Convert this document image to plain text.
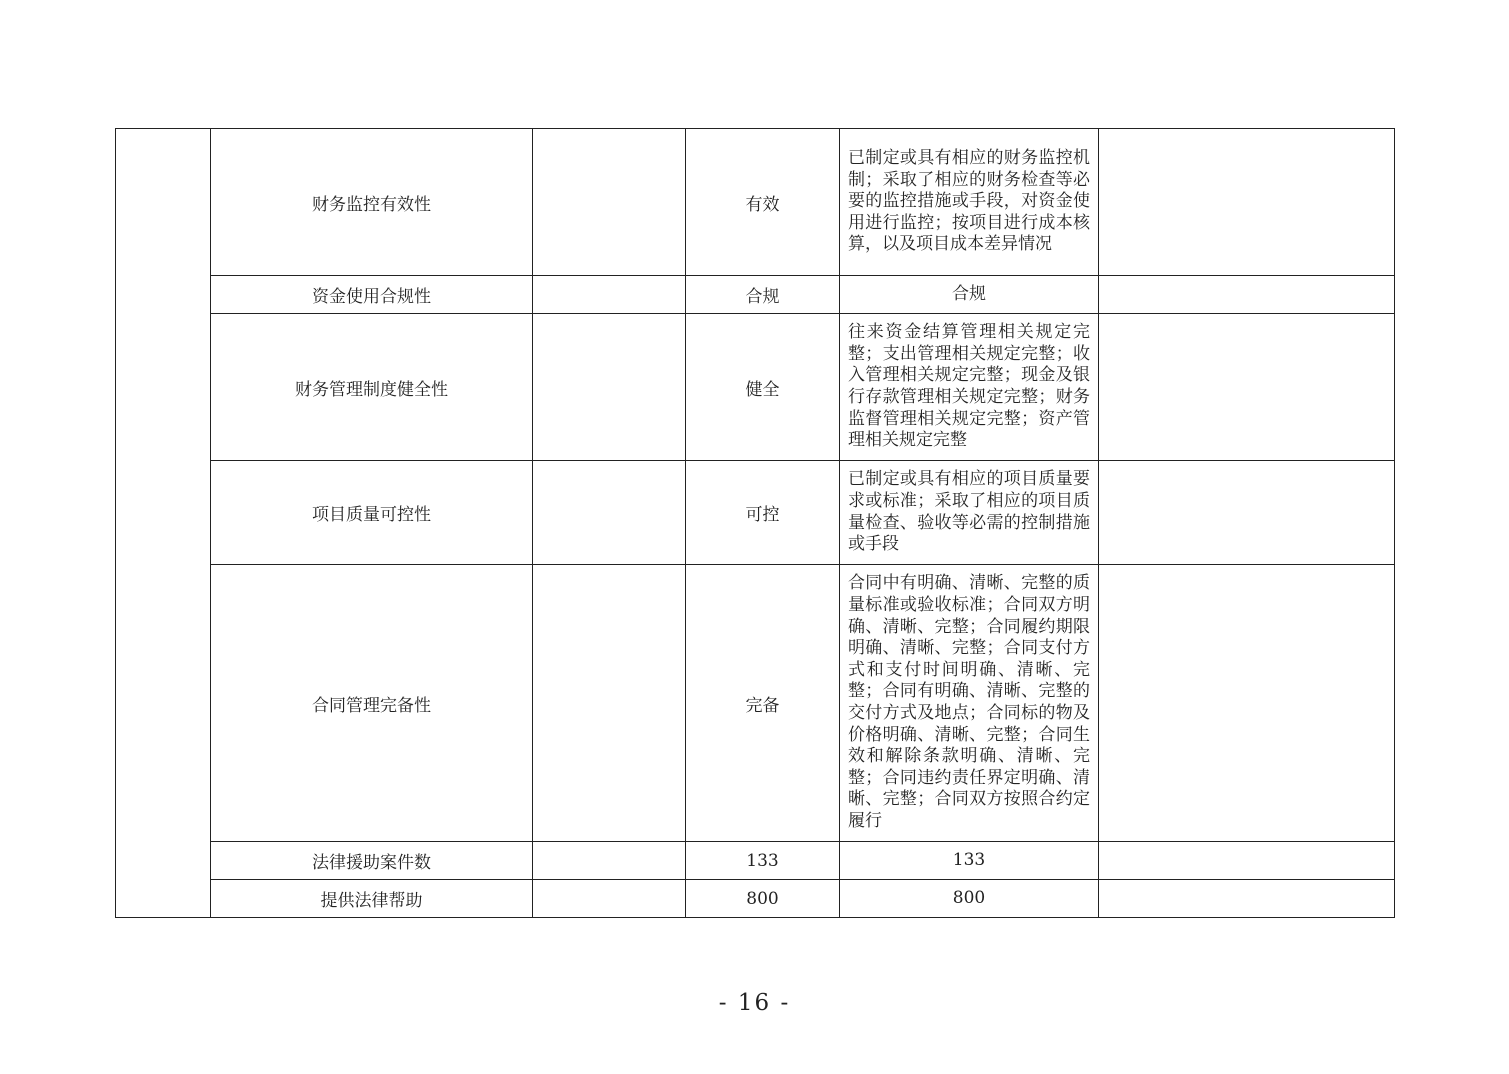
	财务监控有效性		有效	已制定或具有相应的财务监控机制；采取了相应的财务检查等必要的监控措施或手段，对资金使用进行监控；按项目进行成本核算，以及项目成本差异情况	
	资金使用合规性		合规	合规	
	财务管理制度健全性		健全	往来资金结算管理相关规定完整；支出管理相关规定完整；收入管理相关规定完整；现金及银行存款管理相关规定完整；财务监督管理相关规定完整；资产管理相关规定完整	
	项目质量可控性		可控	已制定或具有相应的项目质量要求或标准；采取了相应的项目质量检查、验收等必需的控制措施或手段	
	合同管理完备性		完备	合同中有明确、清晰、完整的质量标准或验收标准；合同双方明确、清晰、完整；合同履约期限明确、清晰、完整；合同支付方式和支付时间明确、清晰、完整；合同有明确、清晰、完整的交付方式及地点；合同标的物及价格明确、清晰、完整；合同生效和解除条款明确、清晰、完整；合同违约责任界定明确、清晰、完整；合同双方按照合约定履行	
	法律援助案件数		133	133	
	提供法律帮助		800	800	
- 16 -
